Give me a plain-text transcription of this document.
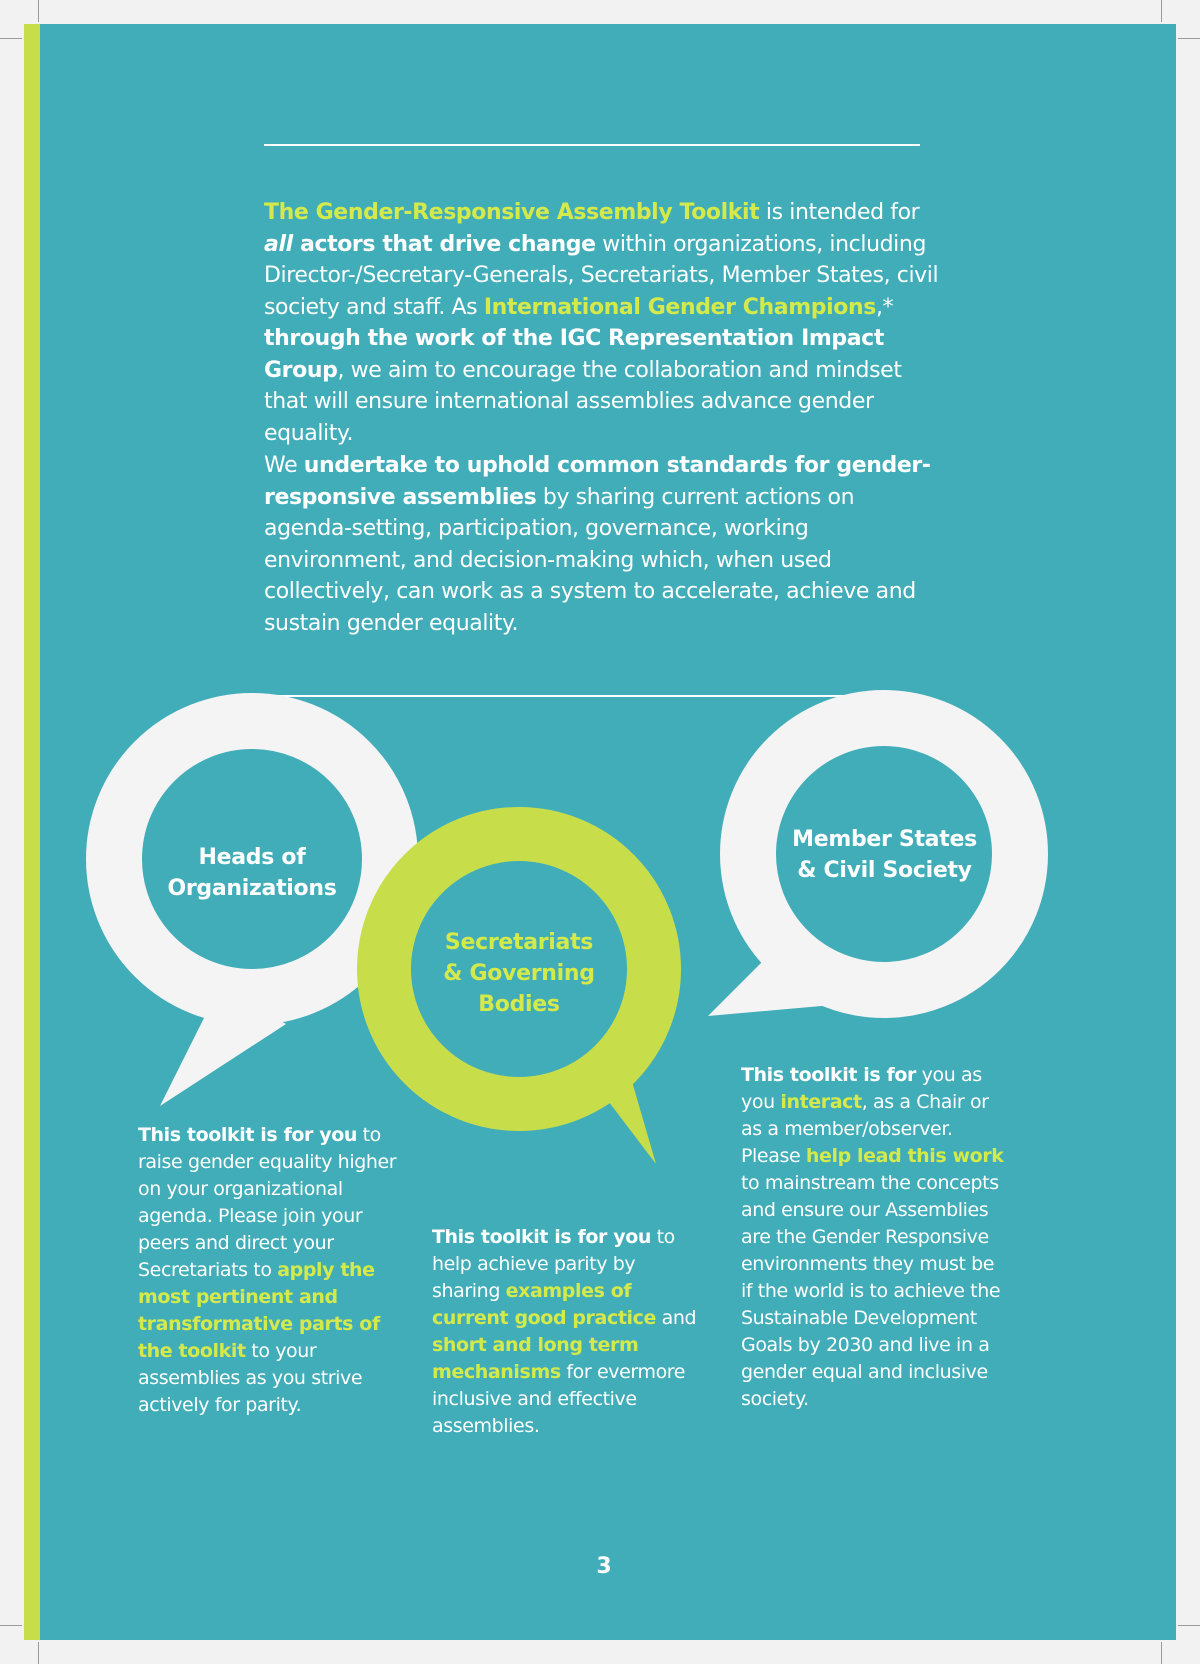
The Gender-Responsive Assembly Toolkit is intended for all actors that drive change within organizations, including Director-/Secretary-Generals, Secretariats, Member States, civil society and staff. As International Gender Champions,* through the work of the IGC Representation Impact Group, we aim to encourage the collaboration and mindset that will ensure international assemblies advance gender equality.
We undertake to uphold common standards for gender-responsive assemblies by sharing current actions on agenda-setting, participation, governance, working environment, and decision-making which, when used collectively, can work as a system to accelerate, achieve and sustain gender equality.
Heads of Organizations
Secretariats & Governing Bodies
Member States & Civil Society
This toolkit is for you to raise gender equality higher on your organizational agenda. Please join your peers and direct your Secretariats to apply the most pertinent and transformative parts of the toolkit to your assemblies as you strive actively for parity.
This toolkit is for you to help achieve parity by sharing examples of current good practice and short and long term mechanisms for evermore inclusive and effective assemblies.
This toolkit is for you as you interact, as a Chair or as a member/observer. Please help lead this work to mainstream the concepts and ensure our Assemblies are the Gender Responsive environments they must be if the world is to achieve the Sustainable Development Goals by 2030 and live in a gender equal and inclusive society.
3
